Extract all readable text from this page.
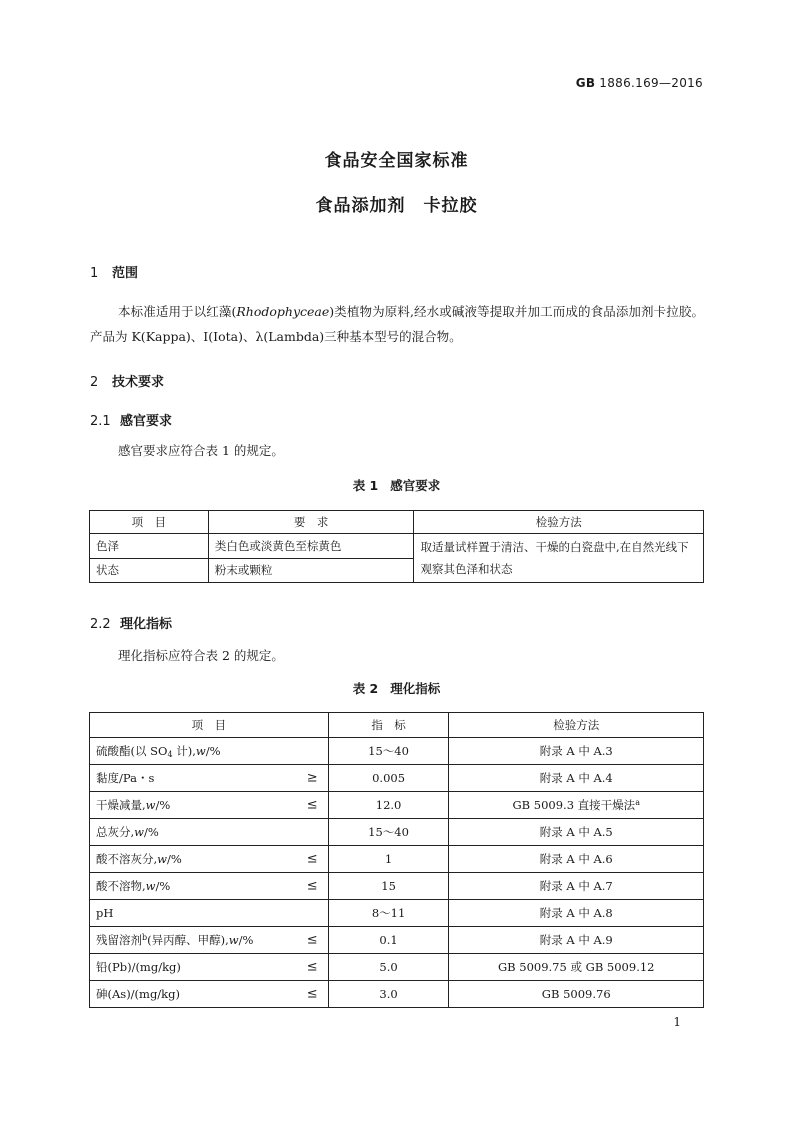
GB 1886.169—2016
食品安全国家标准
食品添加剂　卡拉胶
1 范围
本标准适用于以红藻(Rhodophyceae)类植物为原料,经水或碱液等提取并加工而成的食品添加剂卡拉胶。产品为 K(Kappa)、I(Iota)、λ(Lambda)三种基本型号的混合物。
2 技术要求
2.1 感官要求
感官要求应符合表 1 的规定。
表 1 感官要求
项　目	要　求	检验方法
色泽	类白色或淡黄色至棕黄色	取适量试样置于清洁、干燥的白瓷盘中,在自然光线下观察其色泽和状态
状态	粉末或颗粒	
2.2 理化指标
理化指标应符合表 2 的规定。
表 2 理化指标
项　目	指　标	检验方法
硫酸酯(以 $SO_4$ 计),w/%	15～40	附录 A 中 A.3
黏度/Pa・s ≥	0.005	附录 A 中 A.4
干燥减量,w/% ≤	12.0	GB 5009.3 直接干燥法$^a$
总灰分,w/%	15～40	附录 A 中 A.5
酸不溶灰分,w/% ≤	1	附录 A 中 A.6
酸不溶物,w/% ≤	15	附录 A 中 A.7
pH	8～11	附录 A 中 A.8
残留溶剂$^b$(异丙醇、甲醇),w/% ≤	0.1	附录 A 中 A.9
铅(Pb)/(mg/kg) ≤	5.0	GB 5009.75 或 GB 5009.12
砷(As)/(mg/kg) ≤	3.0	GB 5009.76
1
